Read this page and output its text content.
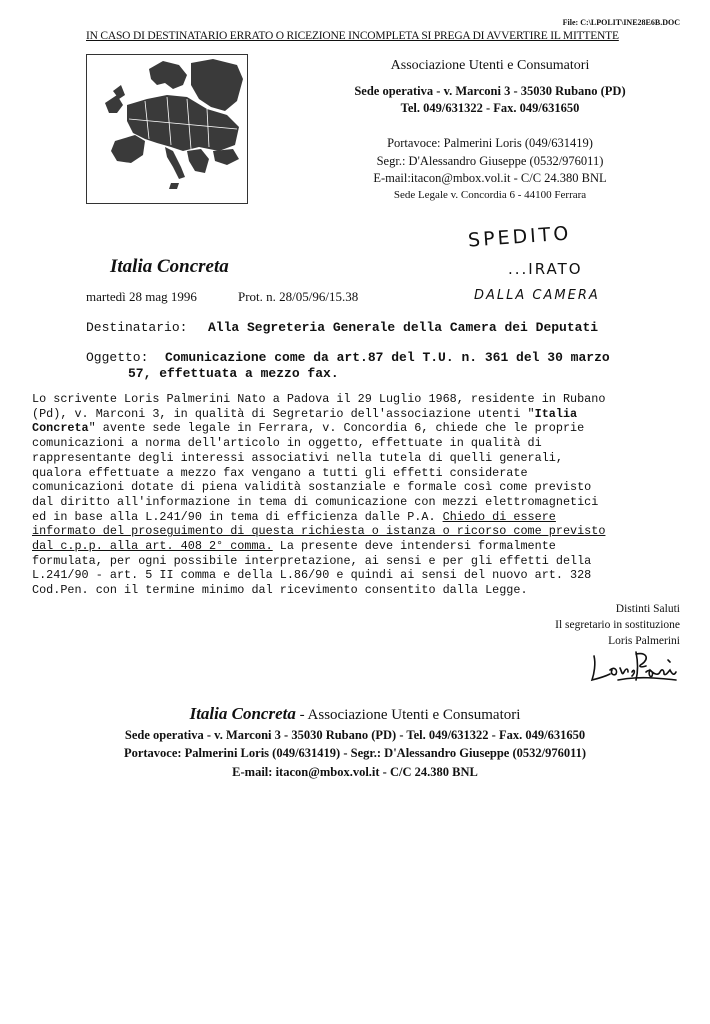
File: C:\LPOLIT\INE28E6B.DOC
IN CASO DI DESTINATARIO ERRATO O RICEZIONE INCOMPLETA SI PREGA DI AVVERTIRE IL MITTENTE
Associazione Utenti e Consumatori
Sede operativa - v. Marconi 3 - 35030 Rubano (PD)
Tel. 049/631322 - Fax. 049/631650
Portavoce: Palmerini Loris (049/631419)
Segr.: D'Alessandro Giuseppe (0532/976011)
E-mail:itacon@mbox.vol.it - C/C 24.380 BNL
Sede Legale v. Concordia 6 - 44100 Ferrara
SPEDITO
...IRATO
DALLA CAMERA
Italia Concreta
martedì 28 mag 1996	Prot. n. 28/05/96/15.38
Destinatario: Alla Segreteria Generale della Camera dei Deputati
Oggetto: Comunicazione come da art.87 del T.U. n. 361 del 30 marzo
57, effettuata a mezzo fax.
Lo scrivente Loris Palmerini Nato a Padova il 29 Luglio 1968, residente in Rubano
(Pd), v. Marconi 3, in qualità di Segretario dell'associazione utenti "Italia
Concreta" avente sede legale in Ferrara, v. Concordia 6, chiede che le proprie
comunicazioni a norma dell'articolo in oggetto, effettuate in qualità di
rappresentante degli interessi associativi nella tutela di quelli generali,
qualora effettuate a mezzo fax vengano a tutti gli effetti considerate
comunicazioni dotate di piena validità sostanziale e formale così come previsto
dal diritto all'informazione in tema di comunicazione con mezzi elettromagnetici
ed in base alla L.241/90 in tema di efficienza dalle P.A. Chiedo di essere
informato del proseguimento di questa richiesta o istanza o ricorso come previsto
dal c.p.p. alla art. 408 2° comma. La presente deve intendersi formalmente
formulata, per ogni possibile interpretazione, ai sensi e per gli effetti della
L.241/90 - art. 5 II comma e della L.86/90 e quindi ai sensi del nuovo art. 328
Cod.Pen. con il termine minimo dal ricevimento consentito dalla Legge.
Distinti Saluti
Il segretario in sostituzione
Loris Palmerini
Italia Concreta - Associazione Utenti e Consumatori
Sede operativa - v. Marconi 3 - 35030 Rubano (PD) - Tel. 049/631322 - Fax. 049/631650
Portavoce: Palmerini Loris (049/631419) - Segr.: D'Alessandro Giuseppe (0532/976011)
E-mail: itacon@mbox.vol.it - C/C 24.380 BNL
